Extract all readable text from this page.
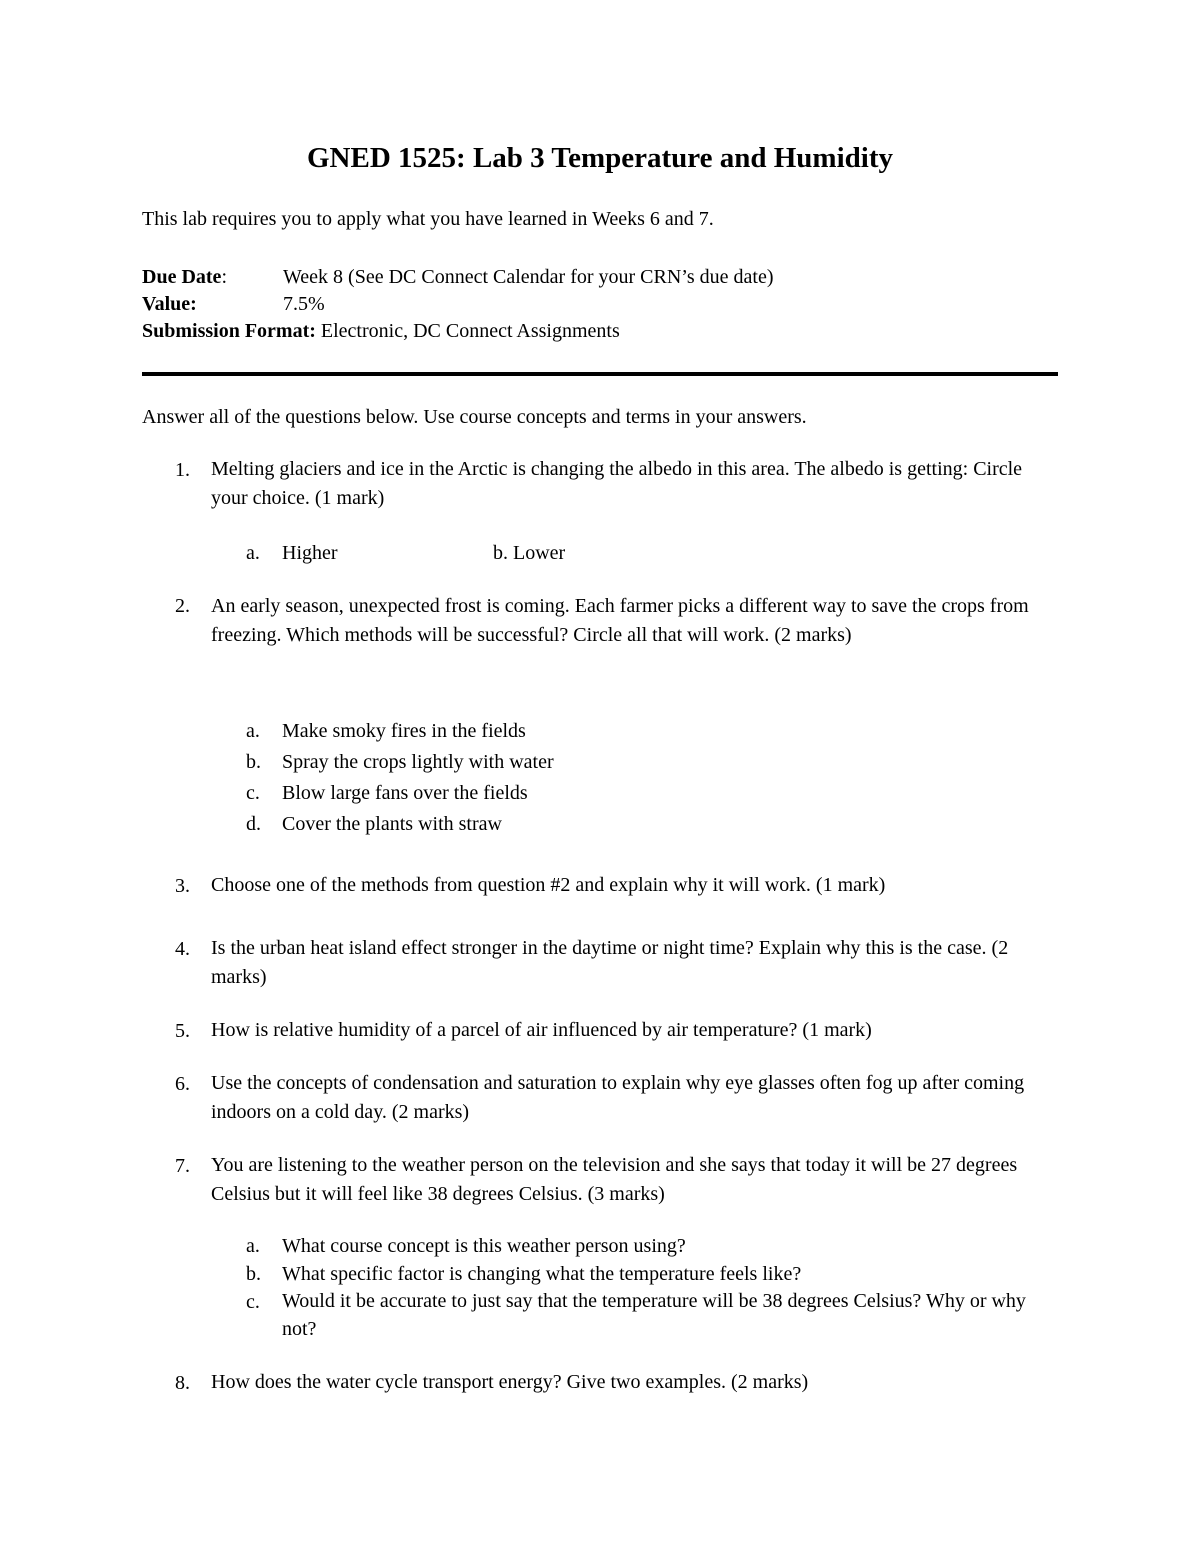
GNED 1525: Lab 3 Temperature and Humidity
This lab requires you to apply what you have learned in Weeks 6 and 7.
Due Date:	Week 8 (See DC Connect Calendar for your CRN’s due date)
Value:	7.5%
Submission Format: Electronic, DC Connect Assignments
Answer all of the questions below. Use course concepts and terms in your answers.
1. Melting glaciers and ice in the Arctic is changing the albedo in this area. The albedo is getting: Circle your choice. (1 mark)
a. Higher	b. Lower
2. An early season, unexpected frost is coming. Each farmer picks a different way to save the crops from freezing. Which methods will be successful? Circle all that will work. (2 marks)
a. Make smoky fires in the fields
b. Spray the crops lightly with water
c. Blow large fans over the fields
d. Cover the plants with straw
3. Choose one of the methods from question #2 and explain why it will work. (1 mark)
4. Is the urban heat island effect stronger in the daytime or night time? Explain why this is the case. (2 marks)
5. How is relative humidity of a parcel of air influenced by air temperature? (1 mark)
6. Use the concepts of condensation and saturation to explain why eye glasses often fog up after coming indoors on a cold day. (2 marks)
7. You are listening to the weather person on the television and she says that today it will be 27 degrees Celsius but it will feel like 38 degrees Celsius. (3 marks)
a. What course concept is this weather person using?
b. What specific factor is changing what the temperature feels like?
c. Would it be accurate to just say that the temperature will be 38 degrees Celsius? Why or why not?
8. How does the water cycle transport energy? Give two examples. (2 marks)
